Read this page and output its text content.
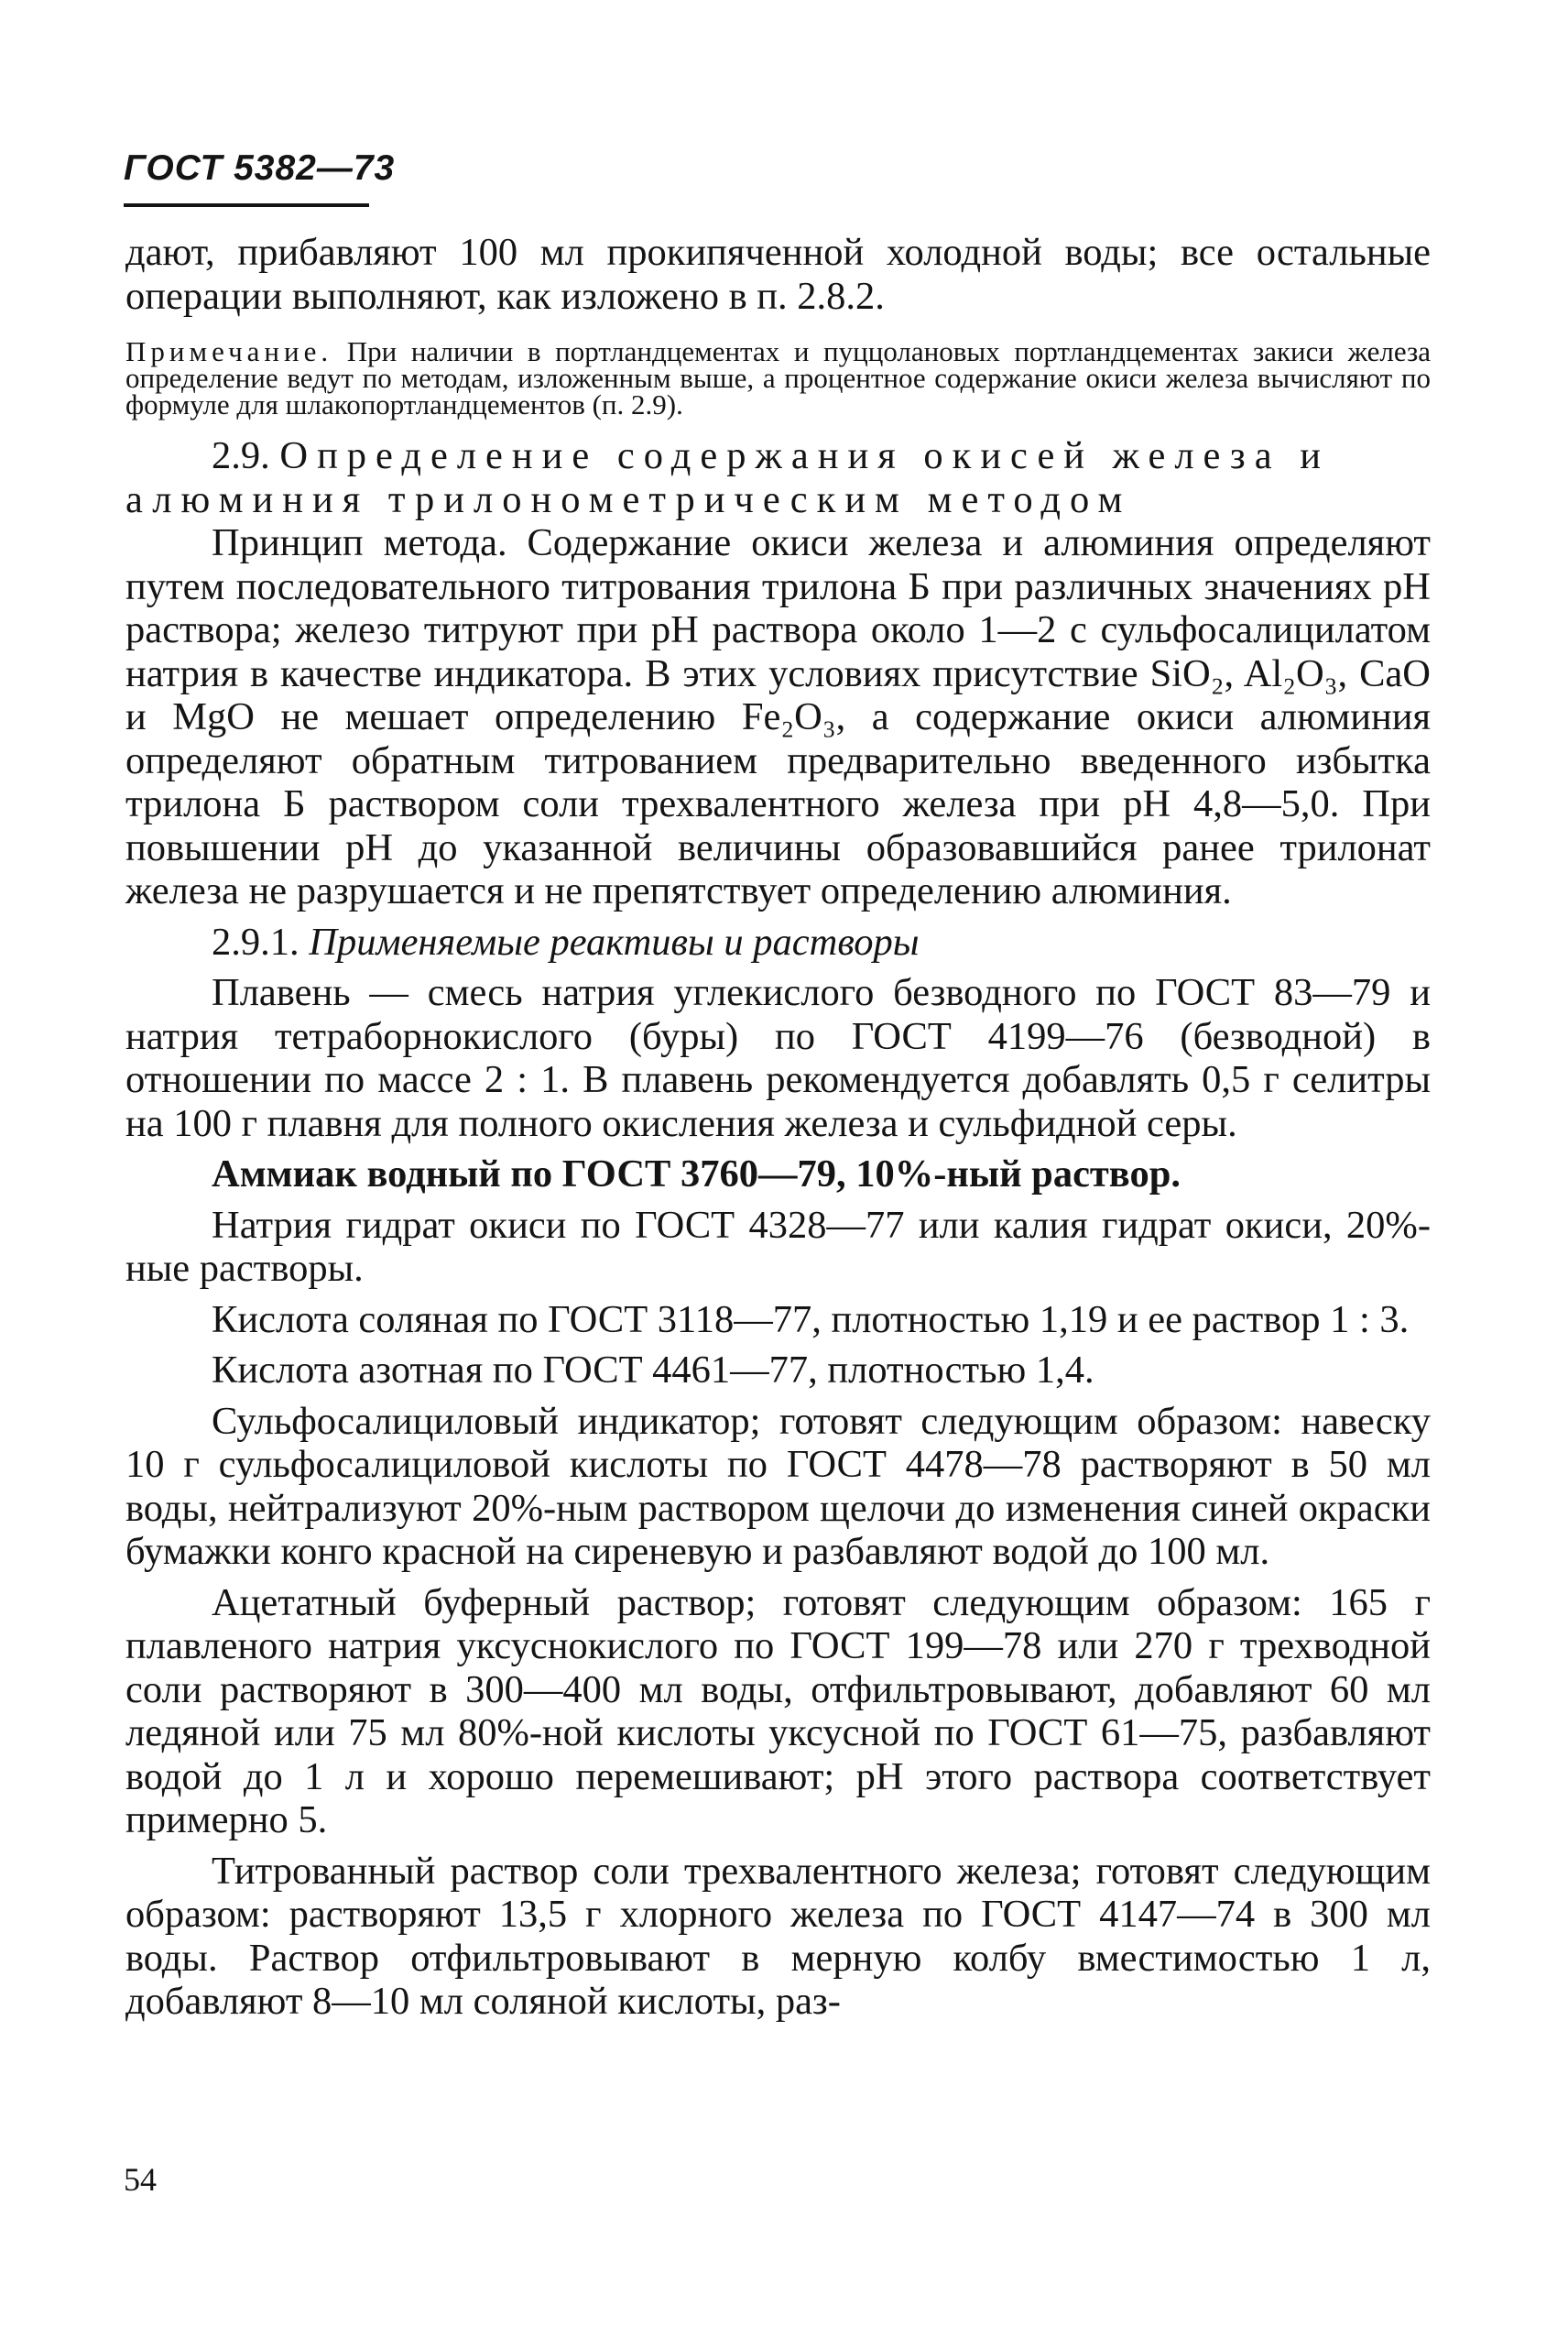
ГОСТ 5382—73

дают, прибавляют 100 мл прокипяченной холодной воды; все остальные операции выполняют, как изложено в п. 2.8.2.

Примечание. При наличии в портландцементах и пуццолановых портландцементах закиси железа определение ведут по методам, изложенным выше, а процентное содержание окиси железа вычисляют по формуле для шлакопортландцементов (п. 2.9).

2.9. Определение содержания окисей железа и алюминия трилонометрическим методом

Принцип метода. Содержание окиси железа и алюминия определяют путем последовательного титрования трилона Б при различных значениях pH раствора; железо титруют при pH раствора около 1—2 с сульфосалицилатом натрия в качестве индикатора. В этих условиях присутствие SiO₂, Al₂O₃, CaO и MgO не мешает определению Fe₂O₃, а содержание окиси алюминия определяют обратным титрованием предварительно введенного избытка трилона Б раствором соли трехвалентного железа при pH 4,8—5,0. При повышении pH до указанной величины образовавшийся ранее трилонат железа не разрушается и не препятствует определению алюминия.

2.9.1. Применяемые реактивы и растворы

Плавень — смесь натрия углекислого безводного по ГОСТ 83—79 и натрия тетраборнокислого (буры) по ГОСТ 4199—76 (безводной) в отношении по массе 2 : 1. В плавень рекомендуется добавлять 0,5 г селитры на 100 г плавня для полного окисления железа и сульфидной серы.

Аммиак водный по ГОСТ 3760—79, 10%-ный раствор.

Натрия гидрат окиси по ГОСТ 4328—77 или калия гидрат окиси, 20%-ные растворы.

Кислота соляная по ГОСТ 3118—77, плотностью 1,19 и ее раствор 1 : 3.

Кислота азотная по ГОСТ 4461—77, плотностью 1,4.

Сульфосалициловый индикатор; готовят следующим образом: навеску 10 г сульфосалициловой кислоты по ГОСТ 4478—78 растворяют в 50 мл воды, нейтрализуют 20%-ным раствором щелочи до изменения синей окраски бумажки конго красной на сиреневую и разбавляют водой до 100 мл.

Ацетатный буферный раствор; готовят следующим образом: 165 г плавленого натрия уксуснокислого по ГОСТ 199—78 или 270 г трехводной соли растворяют в 300—400 мл воды, отфильтровывают, добавляют 60 мл ледяной или 75 мл 80%-ной кислоты уксусной по ГОСТ 61—75, разбавляют водой до 1 л и хорошо перемешивают; pH этого раствора соответствует примерно 5.

Титрованный раствор соли трехвалентного железа; готовят следующим образом: растворяют 13,5 г хлорного железа по ГОСТ 4147—74 в 300 мл воды. Раствор отфильтровывают в мерную колбу вместимостью 1 л, добавляют 8—10 мл соляной кислоты, раз-

54
